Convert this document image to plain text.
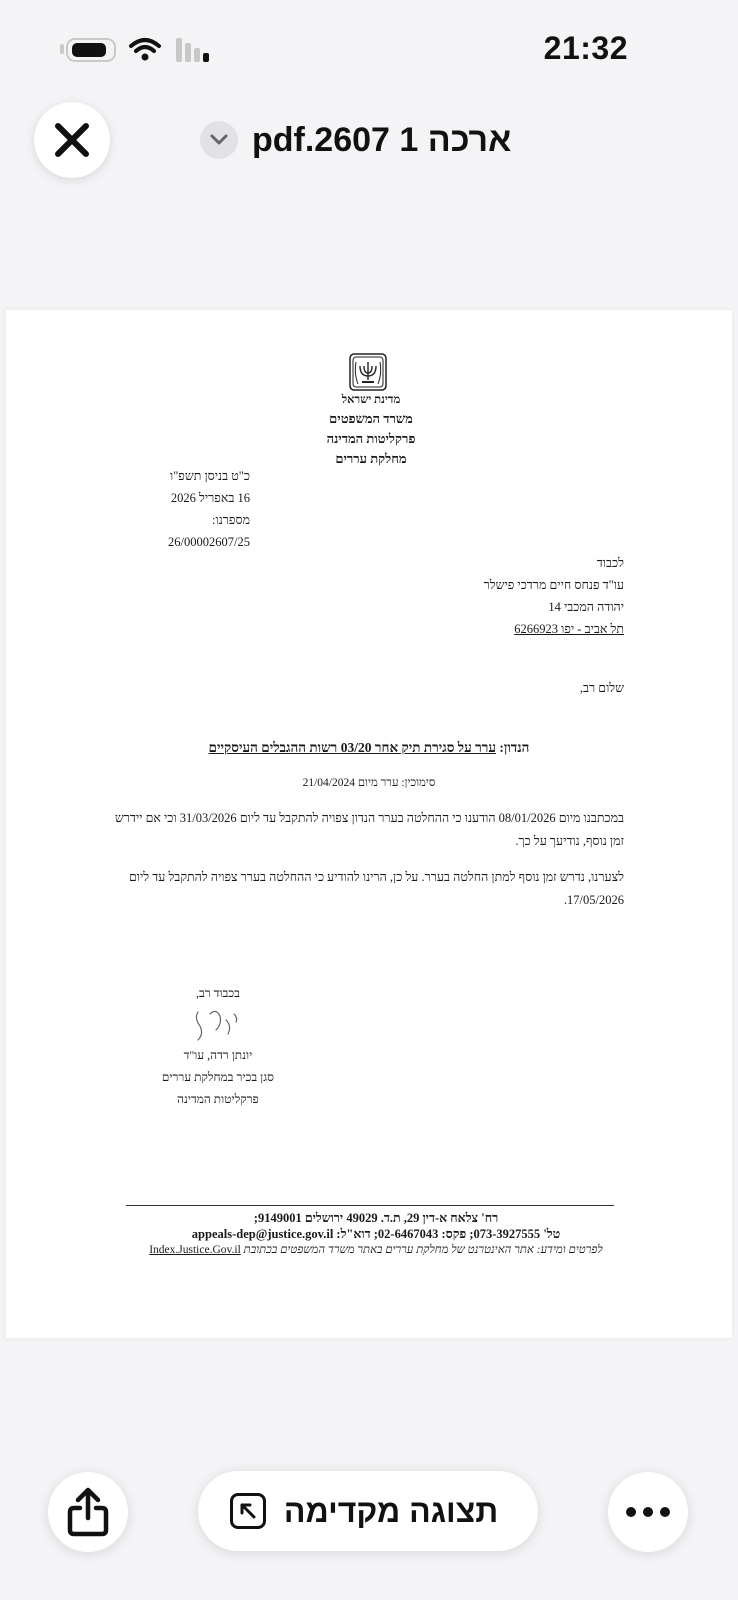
21:32
ארכה 1 pdf.2607
מדינת ישראל
משרד המשפטים
פרקליטות המדינה
מחלקת עררים
כ"ט בניסן תשפ"ו
16 באפריל 2026
מספרנו:
26/00002607/25
לכבוד
עו"ד פנחס חיים מרדכי פישלר
יהודה המכבי 14
תל אביב - יפו 6266923
שלום רב,
הנדון: ערר על סגירת תיק אחר 03/20 רשות ההגבלים העיסקיים
סימוכין: ערר מיום 21/04/2024
במכתבנו מיום 08/01/2026 הודענו כי ההחלטה בערר הנדון צפויה להתקבל עד ליום 31/03/2026 וכי אם יידרש זמן נוסף, נודיעך על כך.
לצערנו, נדרש זמן נוסף למתן החלטה בערר. על כן, הרינו להודיע כי ההחלטה בערר צפויה להתקבל עד ליום 17/05/2026.
בכבוד רב,
יונתן רדה, עו"ד
סגן בכיר במחלקת עררים
פרקליטות המדינה
רח' צלאח א-דין 29, ת.ד. 49029 ירושלים 9149001;
טל' 073-3927555; פקס: 02-6467043; דוא"ל: appeals-dep@justice.gov.il
לפרטים ומידע: אתר האינטרנט של מחלקת עררים באתר משרד המשפטים בכתובת Index.Justice.Gov.il
תצוגה מקדימה
